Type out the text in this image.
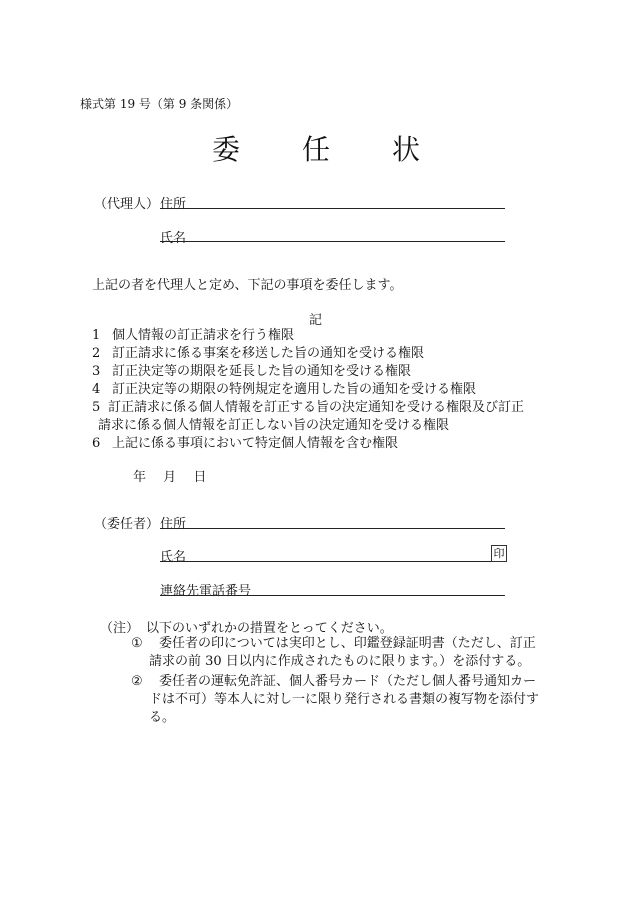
様式第 19 号（第 9 条関係）
委 任 状
（代理人） 住所
氏名
上記の者を代理人と定め、下記の事項を委任します。
記
1 個人情報の訂正請求を行う権限
2 訂正請求に係る事案を移送した旨の通知を受ける権限
3 訂正決定等の期限を延長した旨の通知を受ける権限
4 訂正決定等の期限の特例規定を適用した旨の通知を受ける権限
5 訂正請求に係る個人情報を訂正する旨の決定通知を受ける権限及び訂正
請求に係る個人情報を訂正しない旨の決定通知を受ける権限
6 上記に係る事項において特定個人情報を含む権限
年 月 日
（委任者） 住所
氏名	印
連絡先電話番号
（注） 以下のいずれかの措置をとってください。
① 委任者の印については実印とし、印鑑登録証明書（ただし、訂正
請求の前 30 日以内に作成されたものに限ります。）を添付する。
② 委任者の運転免許証、個人番号カード（ただし個人番号通知カー
ドは不可）等本人に対し一に限り発行される書類の複写物を添付す
る。
